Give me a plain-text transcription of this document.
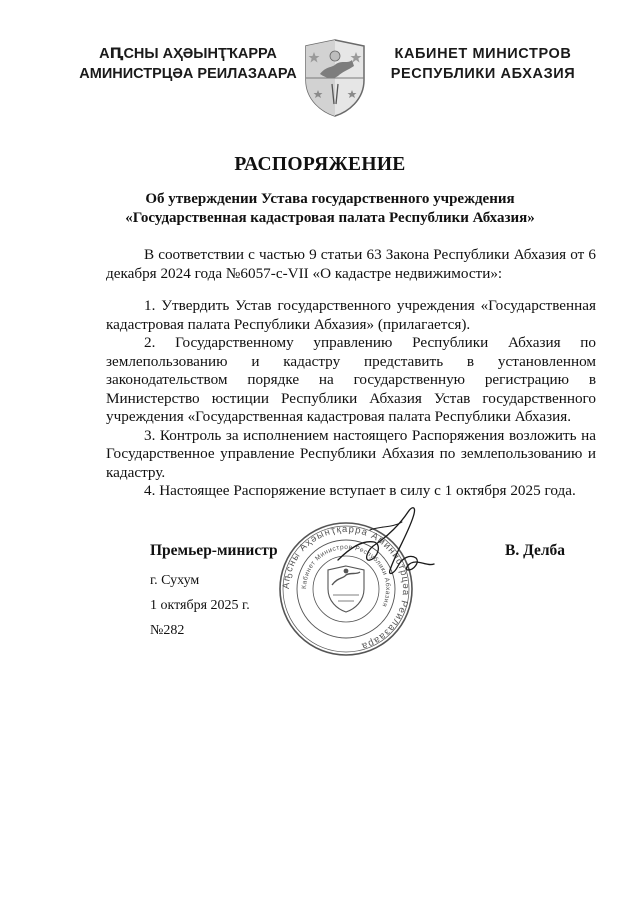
АԤСНЫ АҲӘЫНҬҠАРРА
АМИНИСТРЦӘА РЕИЛАЗААРА
КАБИНЕТ МИНИСТРОВ
РЕСПУБЛИКИ АБХАЗИЯ
РАСПОРЯЖЕНИЕ
Об утверждении Устава государственного учреждения
«Государственная кадастровая палата Республики Абхазия»

В соответствии с частью 9 статьи 63 Закона Республики Абхазия от 6 декабря 2024 года №6057-с-VII «О кадастре недвижимости»:

1. Утвердить Устав государственного учреждения «Государственная кадастровая палата Республики Абхазия» (прилагается).

2. Государственному управлению Республики Абхазия по землепользованию и кадастру представить в установленном законодательством порядке на государственную регистрацию в Министерство юстиции Республики Абхазия Устав государственного учреждения «Государственная кадастровая палата Республики Абхазия.

3. Контроль за исполнением настоящего Распоряжения возложить на Государственное управление Республики Абхазия по землепользованию и кадастру.

4. Настоящее Распоряжение вступает в силу с 1 октября 2025 года.

Аҧсны Аҳәынҭқарра Аминистрцәа Реилазаара
Кабинет Министров Республики Абхазия
Премьер-министр	В. Делба
г. Сухум
1 октября 2025 г.
№282
